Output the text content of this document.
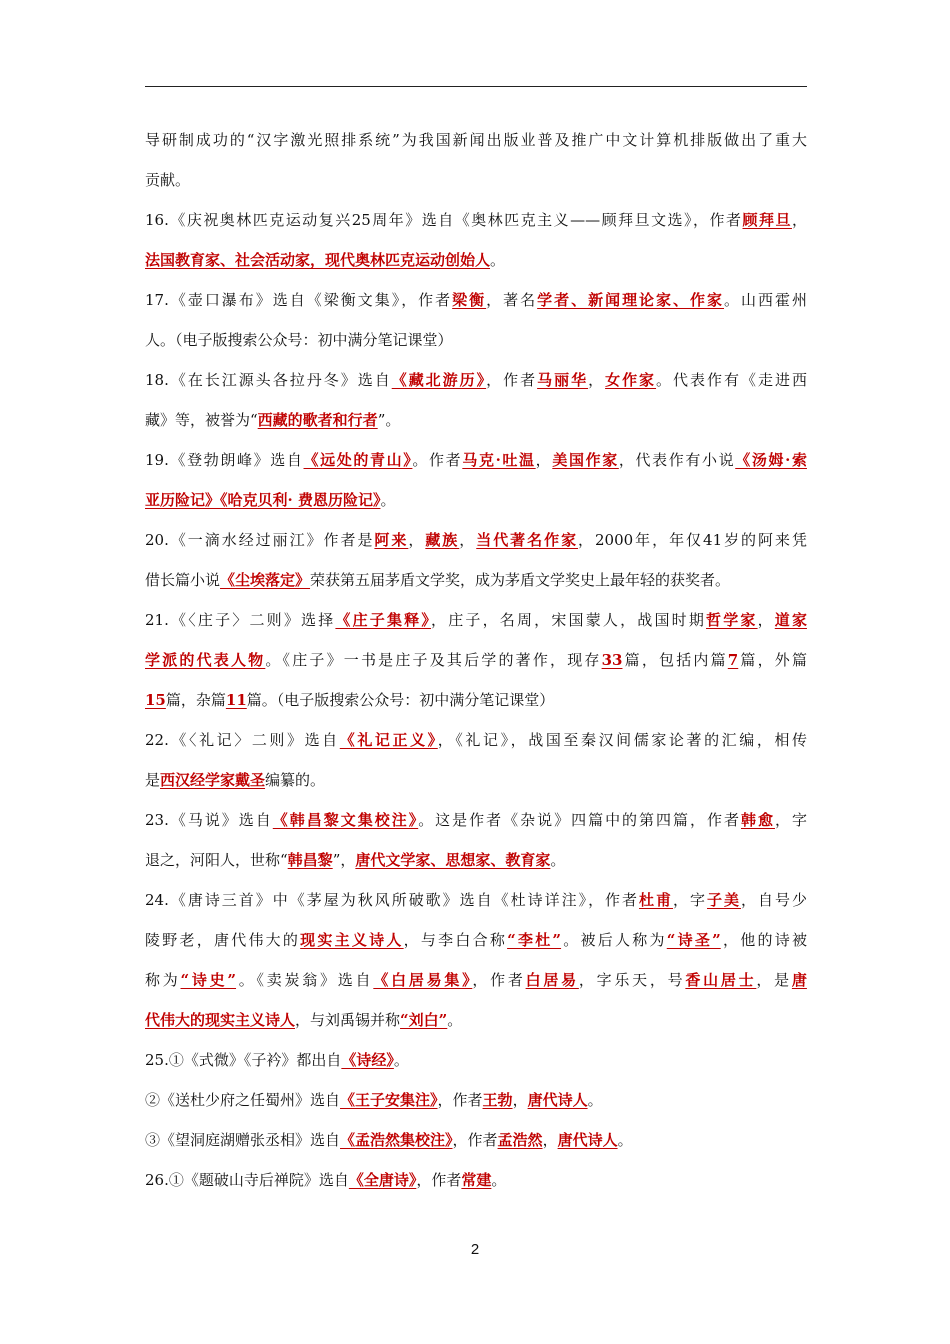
导研制成功的“汉字激光照排系统”为我国新闻出版业普及推广中文计算机排版做出了重大
贡献。
16.《庆祝奥林匹克运动复兴25周年》选自《奥林匹克主义——顾拜旦文选》，作者顾拜旦，
法国教育家、社会活动家，现代奥林匹克运动创始人。
17.《壶口瀑布》选自《梁衡文集》，作者梁衡，著名学者、新闻理论家、作家。山西霍州
人。（电子版搜索公众号：初中满分笔记课堂）
18.《在长江源头各拉丹冬》选自《藏北游历》，作者马丽华，女作家。代表作有《走进西
藏》等，被誉为“西藏的歌者和行者”。
19.《登勃朗峰》选自《远处的青山》。作者马克·吐温，美国作家，代表作有小说《汤姆·索
亚历险记》《哈克贝利· 费恩历险记》。
20.《一滴水经过丽江》作者是阿来，藏族，当代著名作家，2000年，年仅41岁的阿来凭
借长篇小说《尘埃落定》荣获第五届茅盾文学奖，成为茅盾文学奖史上最年轻的获奖者。
21.《〈庄子〉二则》选择《庄子集释》，庄子，名周，宋国蒙人，战国时期哲学家，道家
学派的代表人物。《庄子》一书是庄子及其后学的著作，现存33篇，包括内篇7篇，外篇
15篇，杂篇11篇。（电子版搜索公众号：初中满分笔记课堂）
22.《〈礼记〉二则》选自《礼记正义》，《礼记》，战国至秦汉间儒家论著的汇编，相传
是西汉经学家戴圣编纂的。
23.《马说》选自《韩昌黎文集校注》。这是作者《杂说》四篇中的第四篇，作者韩愈，字
退之，河阳人，世称“韩昌黎”，唐代文学家、思想家、教育家。
24.《唐诗三首》中《茅屋为秋风所破歌》选自《杜诗详注》，作者杜甫，字子美，自号少
陵野老，唐代伟大的现实主义诗人，与李白合称“李杜”。被后人称为“诗圣”，他的诗被
称为“诗史”。《卖炭翁》选自《白居易集》，作者白居易，字乐天，号香山居士，是唐
代伟大的现实主义诗人，与刘禹锡并称“刘白”。
25.①《式微》《子衿》都出自《诗经》。
②《送杜少府之任蜀州》选自《王子安集注》，作者王勃，唐代诗人。
③《望洞庭湖赠张丞相》选自《孟浩然集校注》，作者孟浩然，唐代诗人。
26.①《题破山寺后禅院》选自《全唐诗》，作者常建。
2
